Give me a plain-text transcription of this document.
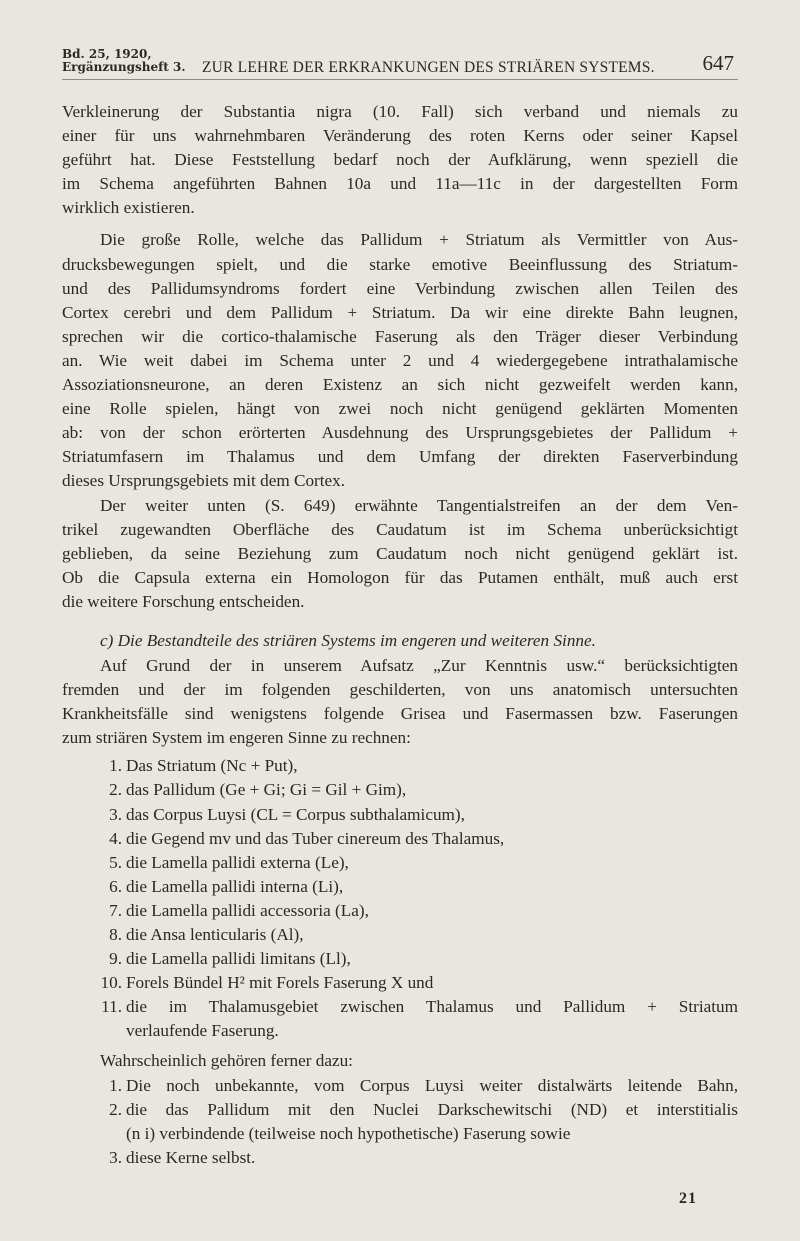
Bd. 25, 1920,
Ergänzungsheft 3. ZUR LEHRE DER ERKRANKUNGEN DES STRIÄREN SYSTEMS. 647
Verkleinerung der Substantia nigra (10. Fall) sich verband und niemals zu
einer für uns wahrnehmbaren Veränderung des roten Kerns oder seiner Kapsel
geführt hat. Diese Feststellung bedarf noch der Aufklärung, wenn speziell die
im Schema angeführten Bahnen 10a und 11a—11c in der dargestellten Form
wirklich existieren.
Die große Rolle, welche das Pallidum + Striatum als Vermittler von Aus-
drucksbewegungen spielt, und die starke emotive Beeinflussung des Striatum-
und des Pallidumsyndroms fordert eine Verbindung zwischen allen Teilen des
Cortex cerebri und dem Pallidum + Striatum. Da wir eine direkte Bahn leugnen,
sprechen wir die cortico-thalamische Faserung als den Träger dieser Verbindung
an. Wie weit dabei im Schema unter 2 und 4 wiedergegebene intrathalamische
Assoziationsneurone, an deren Existenz an sich nicht gezweifelt werden kann,
eine Rolle spielen, hängt von zwei noch nicht genügend geklärten Momenten
ab: von der schon erörterten Ausdehnung des Ursprungsgebietes der Pallidum +
Striatumfasern im Thalamus und dem Umfang der direkten Faserverbindung
dieses Ursprungsgebiets mit dem Cortex.
Der weiter unten (S. 649) erwähnte Tangentialstreifen an der dem Ven-
trikel zugewandten Oberfläche des Caudatum ist im Schema unberücksichtigt
geblieben, da seine Beziehung zum Caudatum noch nicht genügend geklärt ist.
Ob die Capsula externa ein Homologon für das Putamen enthält, muß auch erst
die weitere Forschung entscheiden.
c) Die Bestandteile des striären Systems im engeren und weiteren Sinne.
Auf Grund der in unserem Aufsatz „Zur Kenntnis usw.“ berücksichtigten
fremden und der im folgenden geschilderten, von uns anatomisch untersuchten
Krankheitsfälle sind wenigstens folgende Grisea und Fasermassen bzw. Faserungen
zum striären System im engeren Sinne zu rechnen:
1. Das Striatum (Nc + Put),
2. das Pallidum (Ge + Gi; Gi = Gil + Gim),
3. das Corpus Luysi (CL = Corpus subthalamicum),
4. die Gegend mv und das Tuber cinereum des Thalamus,
5. die Lamella pallidi externa (Le),
6. die Lamella pallidi interna (Li),
7. die Lamella pallidi accessoria (La),
8. die Ansa lenticularis (Al),
9. die Lamella pallidi limitans (Ll),
10. Forels Bündel H² mit Forels Faserung X und
11. die im Thalamusgebiet zwischen Thalamus und Pallidum + Striatum
verlaufende Faserung.
Wahrscheinlich gehören ferner dazu:
1. Die noch unbekannte, vom Corpus Luysi weiter distalwärts leitende Bahn,
2. die das Pallidum mit den Nuclei Darkschewitschi (ND) et interstitialis
(n i) verbindende (teilweise noch hypothetische) Faserung sowie
3. diese Kerne selbst.
21
